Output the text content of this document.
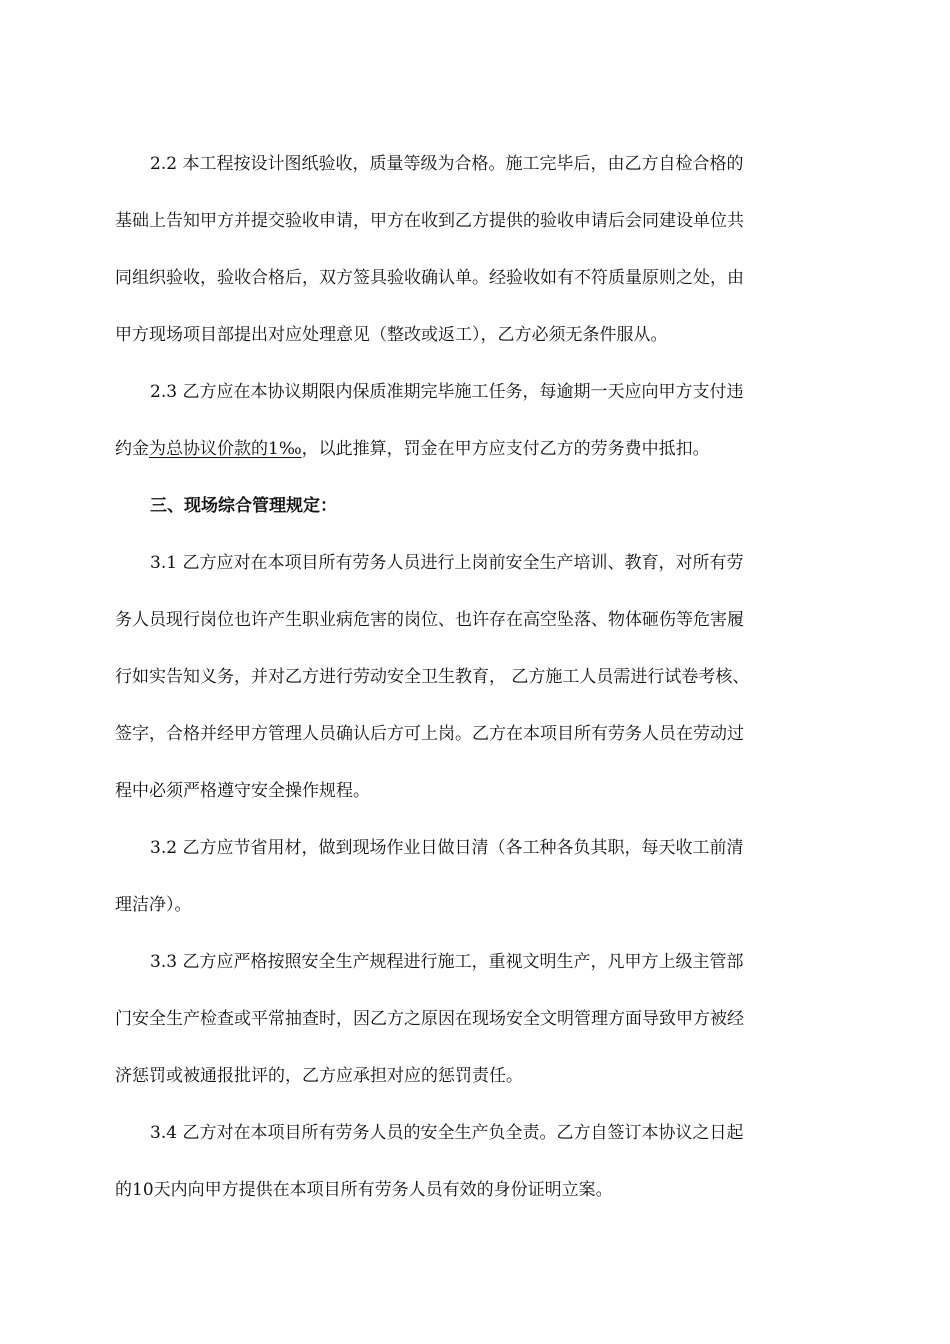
2.2 本工程按设计图纸验收，质量等级为合格。施工完毕后，由乙方自检合格的
基础上告知甲方并提交验收申请，甲方在收到乙方提供的验收申请后会同建设单位共
同组织验收，验收合格后，双方签具验收确认单。经验收如有不符质量原则之处，由
甲方现场项目部提出对应处理意见（整改或返工），乙方必须无条件服从。
2.3 乙方应在本协议期限内保质准期完毕施工任务，每逾期一天应向甲方支付违
约金为总协议价款的1‰，以此推算，罚金在甲方应支付乙方的劳务费中抵扣。
三、现场综合管理规定：
3.1 乙方应对在本项目所有劳务人员进行上岗前安全生产培训、教育，对所有劳
务人员现行岗位也许产生职业病危害的岗位、也许存在高空坠落、物体砸伤等危害履
行如实告知义务，并对乙方进行劳动安全卫生教育， 乙方施工人员需进行试卷考核、
签字，合格并经甲方管理人员确认后方可上岗。乙方在本项目所有劳务人员在劳动过
程中必须严格遵守安全操作规程。
3.2 乙方应节省用材，做到现场作业日做日清（各工种各负其职，每天收工前清
理洁净）。
3.3 乙方应严格按照安全生产规程进行施工，重视文明生产，凡甲方上级主管部
门安全生产检查或平常抽查时，因乙方之原因在现场安全文明管理方面导致甲方被经
济惩罚或被通报批评的，乙方应承担对应的惩罚责任。
3.4 乙方对在本项目所有劳务人员的安全生产负全责。乙方自签订本协议之日起
的10天内向甲方提供在本项目所有劳务人员有效的身份证明立案。
